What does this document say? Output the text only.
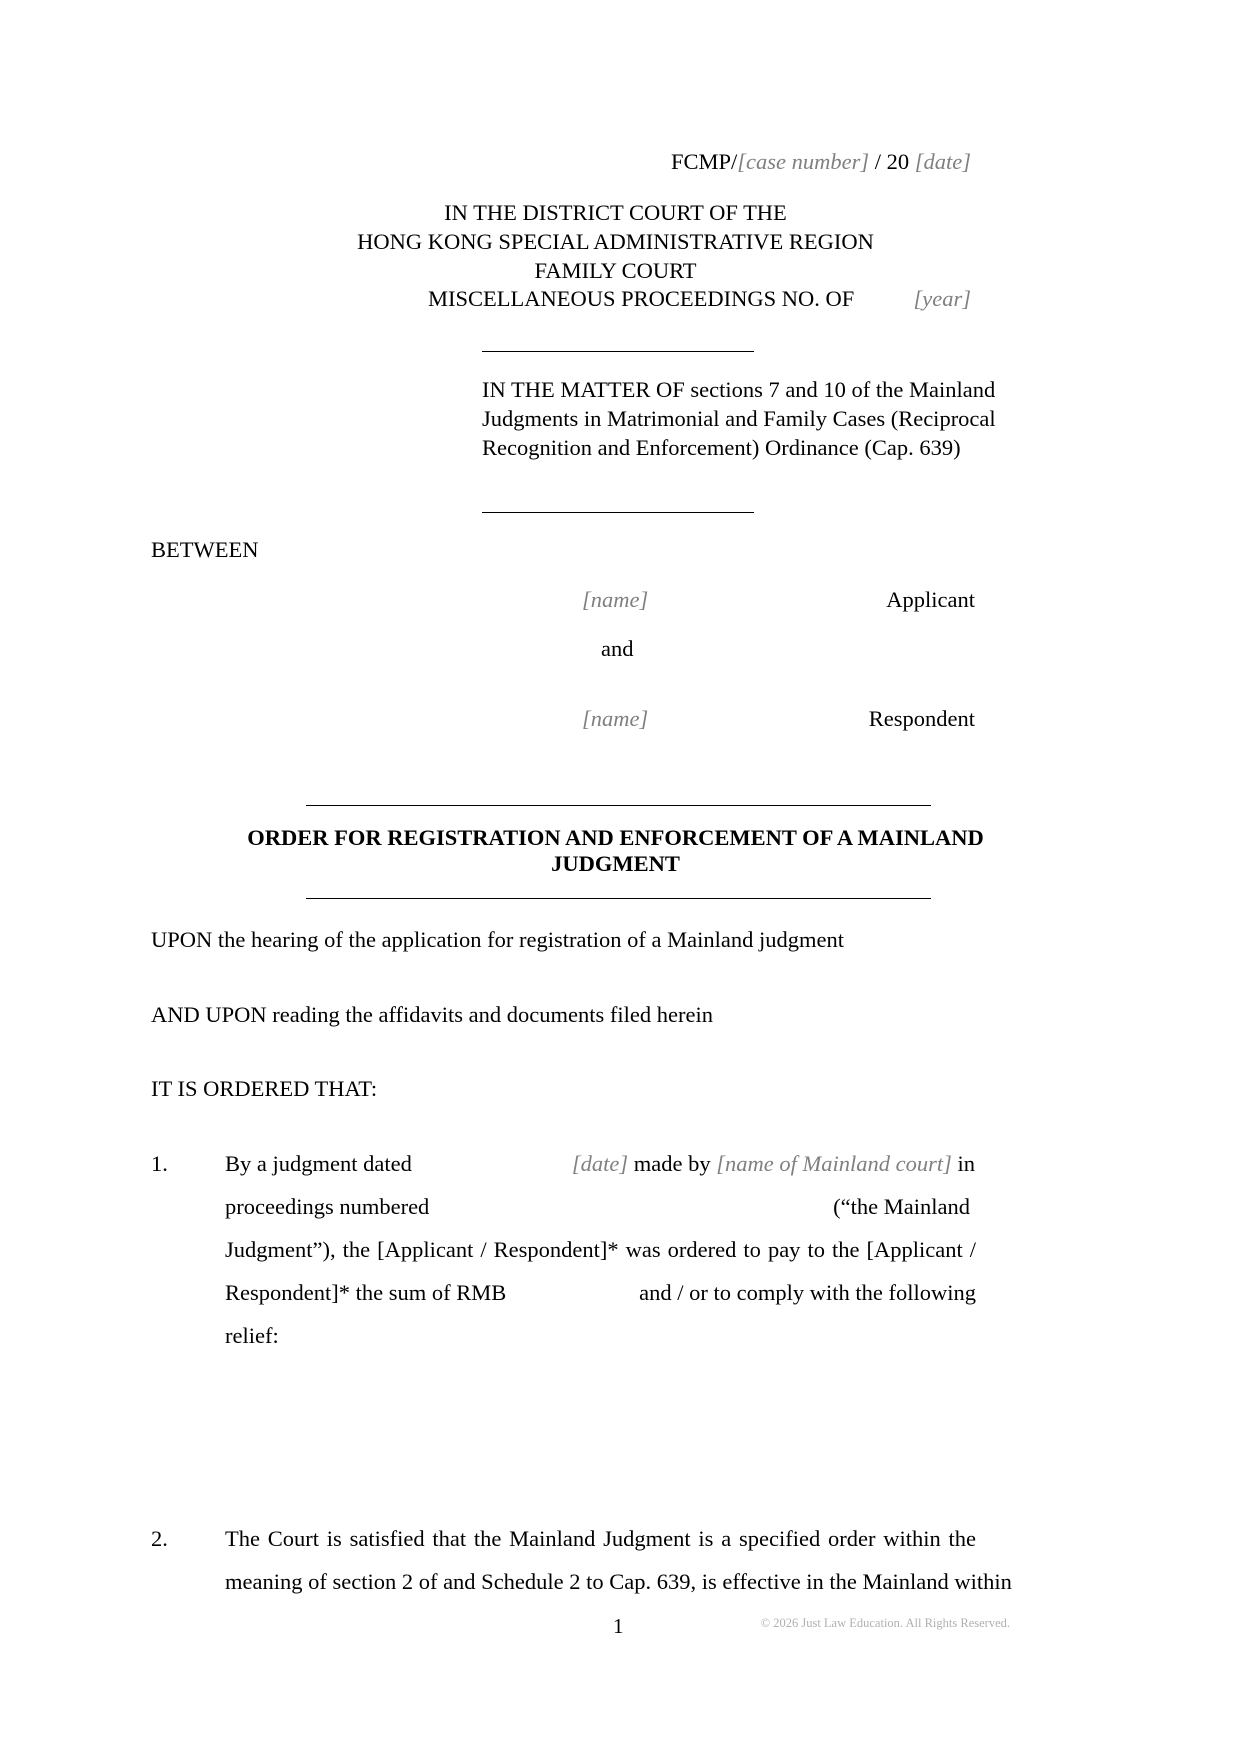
FCMP/[case number] / 20 [date]
IN THE DISTRICT COURT OF THE
HONG KONG SPECIAL ADMINISTRATIVE REGION
FAMILY COURT
MISCELLANEOUS PROCEEDINGS NO. OF	[year]
IN THE MATTER OF sections 7 and 10 of the Mainland
Judgments in Matrimonial and Family Cases (Reciprocal
Recognition and Enforcement) Ordinance (Cap. 639)
BETWEEN
[name]	Applicant
and
[name]	Respondent
ORDER FOR REGISTRATION AND ENFORCEMENT OF A MAINLAND
JUDGMENT
UPON the hearing of the application for registration of a Mainland judgment
AND UPON reading the affidavits and documents filed herein
IT IS ORDERED THAT:
1.	By a judgment dated	[date] made by [name of Mainland court] in
proceedings numbered	(“the Mainland
Judgment”), the [Applicant / Respondent]* was ordered to pay to the [Applicant /
Respondent]* the sum of RMB	and / or to comply with the following
relief:
2.	The Court is satisfied that the Mainland Judgment is a specified order within the
meaning of section 2 of and Schedule 2 to Cap. 639, is effective in the Mainland within
1	© 2026 Just Law Education. All Rights Reserved.
